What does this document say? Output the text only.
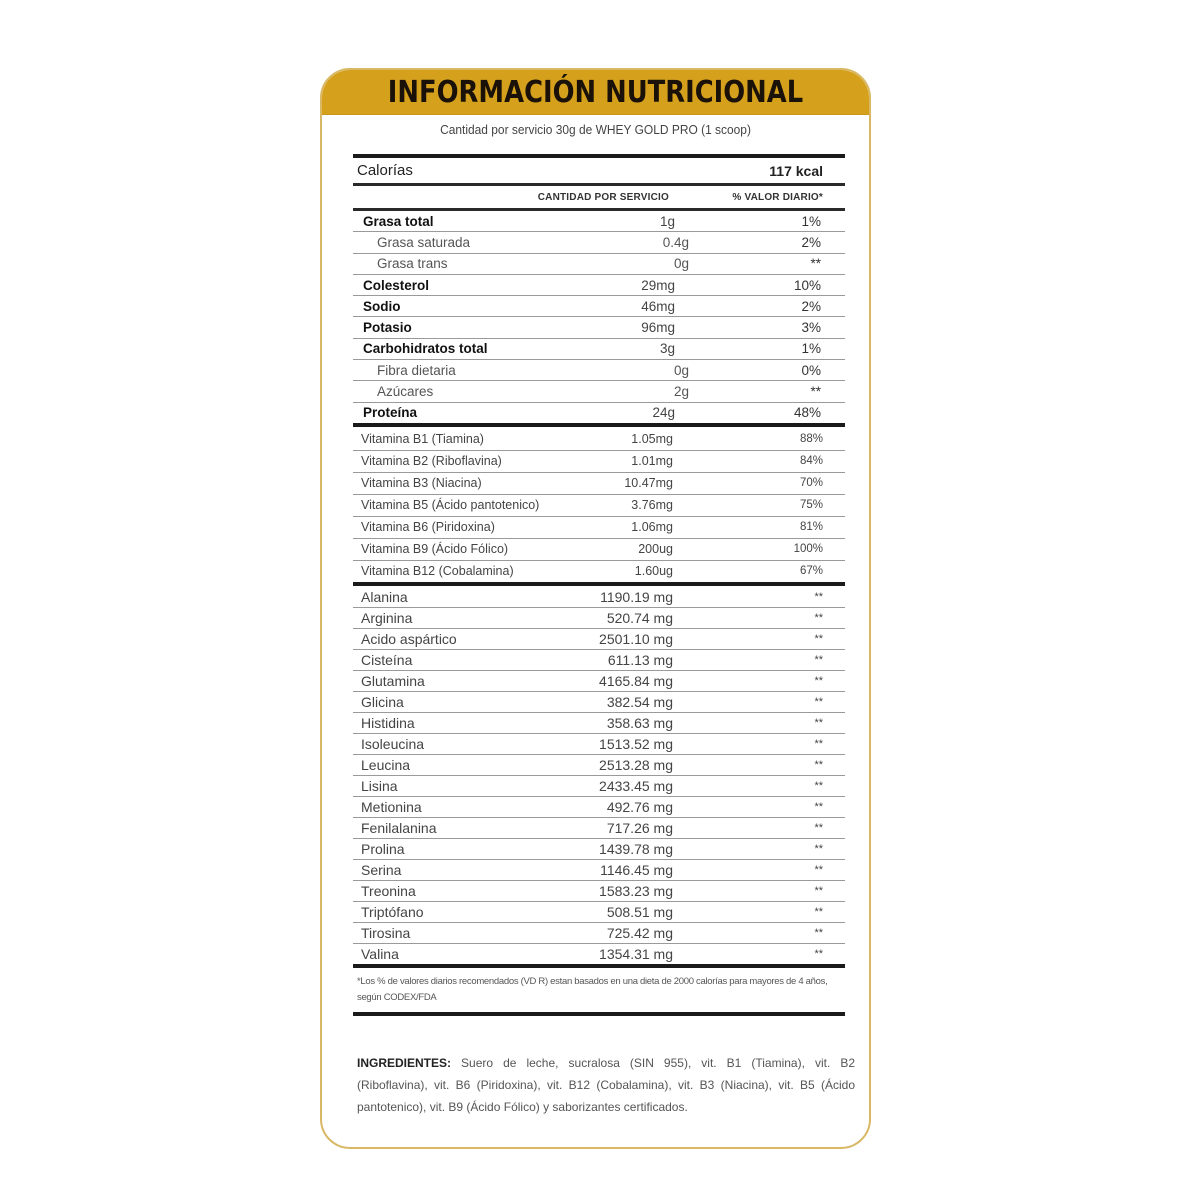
INFORMACIÓN NUTRICIONAL
Cantidad por servicio 30g de WHEY GOLD PRO (1 scoop)
Calorías	117 kcal
CANTIDAD POR SERVICIO	% VALOR DIARIO*
Grasa total	1g	1%
Grasa saturada	0.4g	2%
Grasa trans	0g	**
Colesterol	29mg	10%
Sodio	46mg	2%
Potasio	96mg	3%
Carbohidratos total	3g	1%
Fibra dietaria	0g	0%
Azúcares	2g	**
Proteína	24g	48%
Vitamina B1 (Tiamina)	1.05mg	88%
Vitamina B2 (Riboflavina)	1.01mg	84%
Vitamina B3 (Niacina)	10.47mg	70%
Vitamina B5 (Ácido pantotenico)	3.76mg	75%
Vitamina B6 (Piridoxina)	1.06mg	81%
Vitamina B9 (Ácido Fólico)	200ug	100%
Vitamina B12 (Cobalamina)	1.60ug	67%
Alanina	1190.19 mg	**
Arginina	520.74 mg	**
Acido aspártico	2501.10 mg	**
Cisteína	611.13 mg	**
Glutamina	4165.84 mg	**
Glicina	382.54 mg	**
Histidina	358.63 mg	**
Isoleucina	1513.52 mg	**
Leucina	2513.28 mg	**
Lisina	2433.45 mg	**
Metionina	492.76 mg	**
Fenilalanina	717.26 mg	**
Prolina	1439.78 mg	**
Serina	1146.45 mg	**
Treonina	1583.23 mg	**
Triptófano	508.51 mg	**
Tirosina	725.42 mg	**
Valina	1354.31 mg	**
*Los % de valores diarios recomendados (VD R) estan basados en una dieta de 2000 calorías para mayores de 4 años, según CODEX/FDA
INGREDIENTES: Suero de leche, sucralosa (SIN 955), vit. B1 (Tiamina), vit. B2 (Riboflavina), vit. B6 (Piridoxina), vit. B12 (Cobalamina), vit. B3 (Niacina), vit. B5 (Ácido pantotenico), vit. B9 (Ácido Fólico) y saborizantes certificados.
